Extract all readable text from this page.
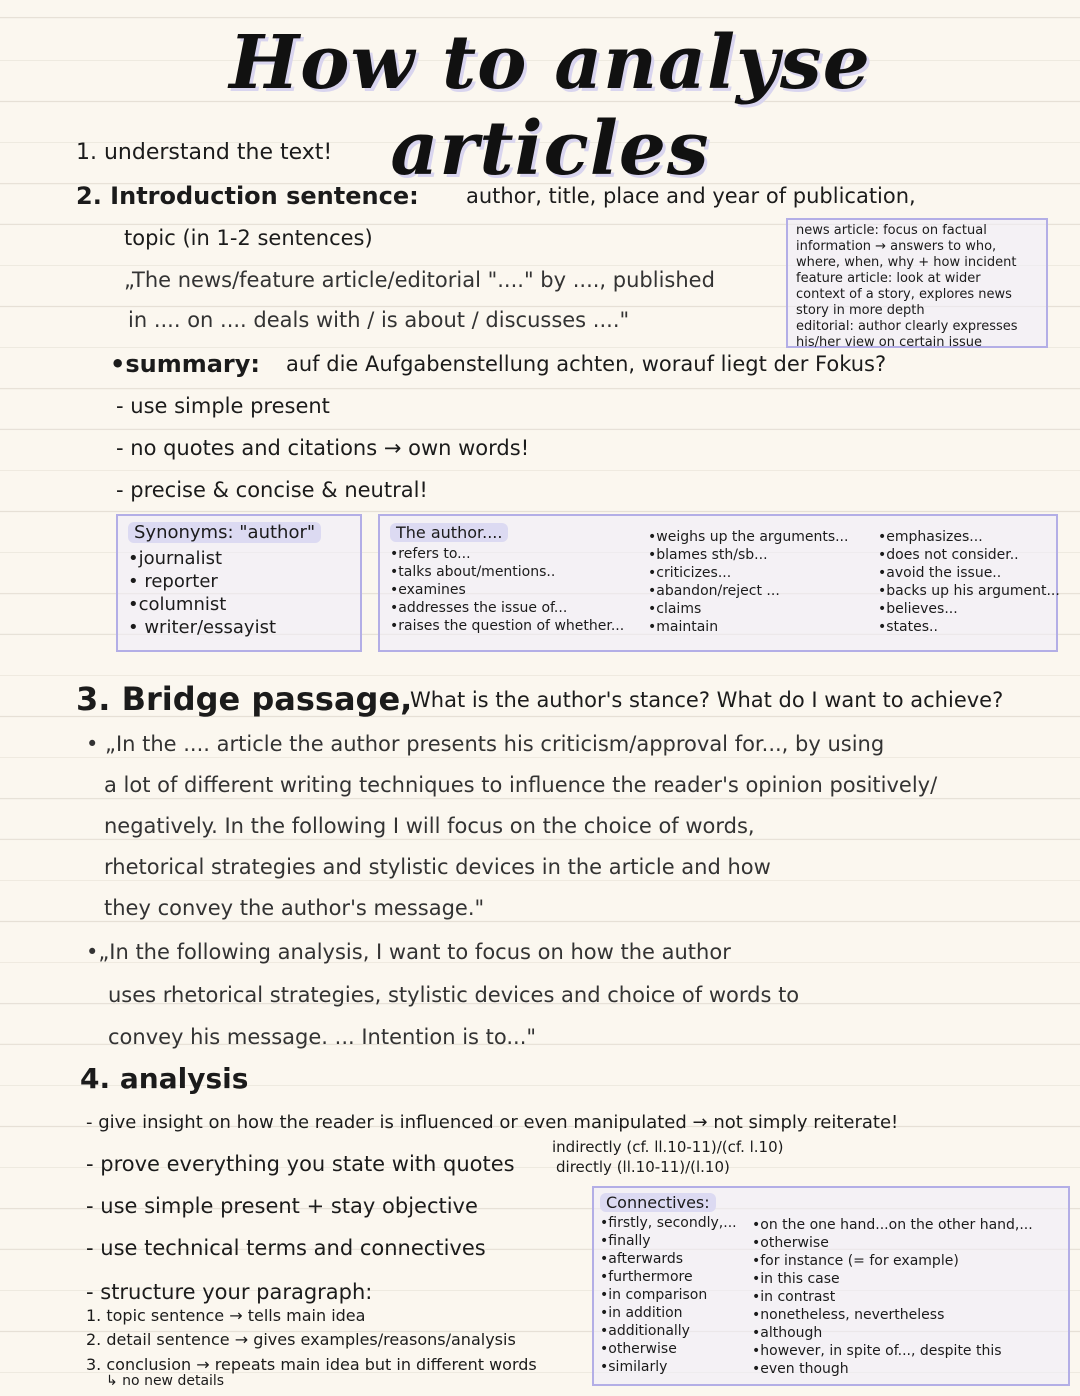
How to analyse articles
1. understand the text!
2. Introduction sentence: author, title, place and year of publication,
topic (in 1-2 sentences)
„The news/feature article/editorial "...." by ...., published
in .... on .... deals with / is about / discusses ...."
news article: focus on factual
information → answers to who,
where, when, why + how incident
feature article: look at wider
context of a story, explores news
story in more depth
editorial: author clearly expresses
his/her view on certain issue
•summary: auf die Aufgabenstellung achten, worauf liegt der Fokus?
- use simple present
- no quotes and citations → own words!
- precise & concise & neutral!
Synonyms: "author"
•journalist
• reporter
•columnist
• writer/essayist
The author....
•refers to...
•talks about/mentions..
•examines
•addresses the issue of...
•raises the question of whether...
•weighs up the arguments...
•blames sth/sb...
•criticizes...
•abandon/reject ...
•claims
•maintain
•emphasizes...
•does not consider..
•avoid the issue..
•backs up his argument...
•believes...
•states..
3. Bridge passage,
What is the author's stance? What do I want to achieve?
• „In the .... article the author presents his criticism/approval for..., by using
a lot of different writing techniques to influence the reader's opinion positively/
negatively. In the following I will focus on the choice of words,
rhetorical strategies and stylistic devices in the article and how
they convey the author's message."
•„In the following analysis, I want to focus on how the author
uses rhetorical strategies, stylistic devices and choice of words to
convey his message. ... Intention is to..."
4. analysis
- give insight on how the reader is influenced or even manipulated → not simply reiterate!
- prove everything you state with quotes
indirectly (cf. ll.10-11)/(cf. l.10)
directly (ll.10-11)/(l.10)
- use simple present + stay objective
- use technical terms and connectives
- structure your paragraph:
1. topic sentence → tells main idea
2. detail sentence → gives examples/reasons/analysis
3. conclusion → repeats main idea but in different words
↳ no new details
Connectives:
•firstly, secondly,...
•finally
•afterwards
•furthermore
•in comparison
•in addition
•additionally
•otherwise
•similarly
•on the one hand...on the other hand,...
•otherwise
•for instance (= for example)
•in this case
•in contrast
•nonetheless, nevertheless
•although
•however, in spite of..., despite this
•even though
